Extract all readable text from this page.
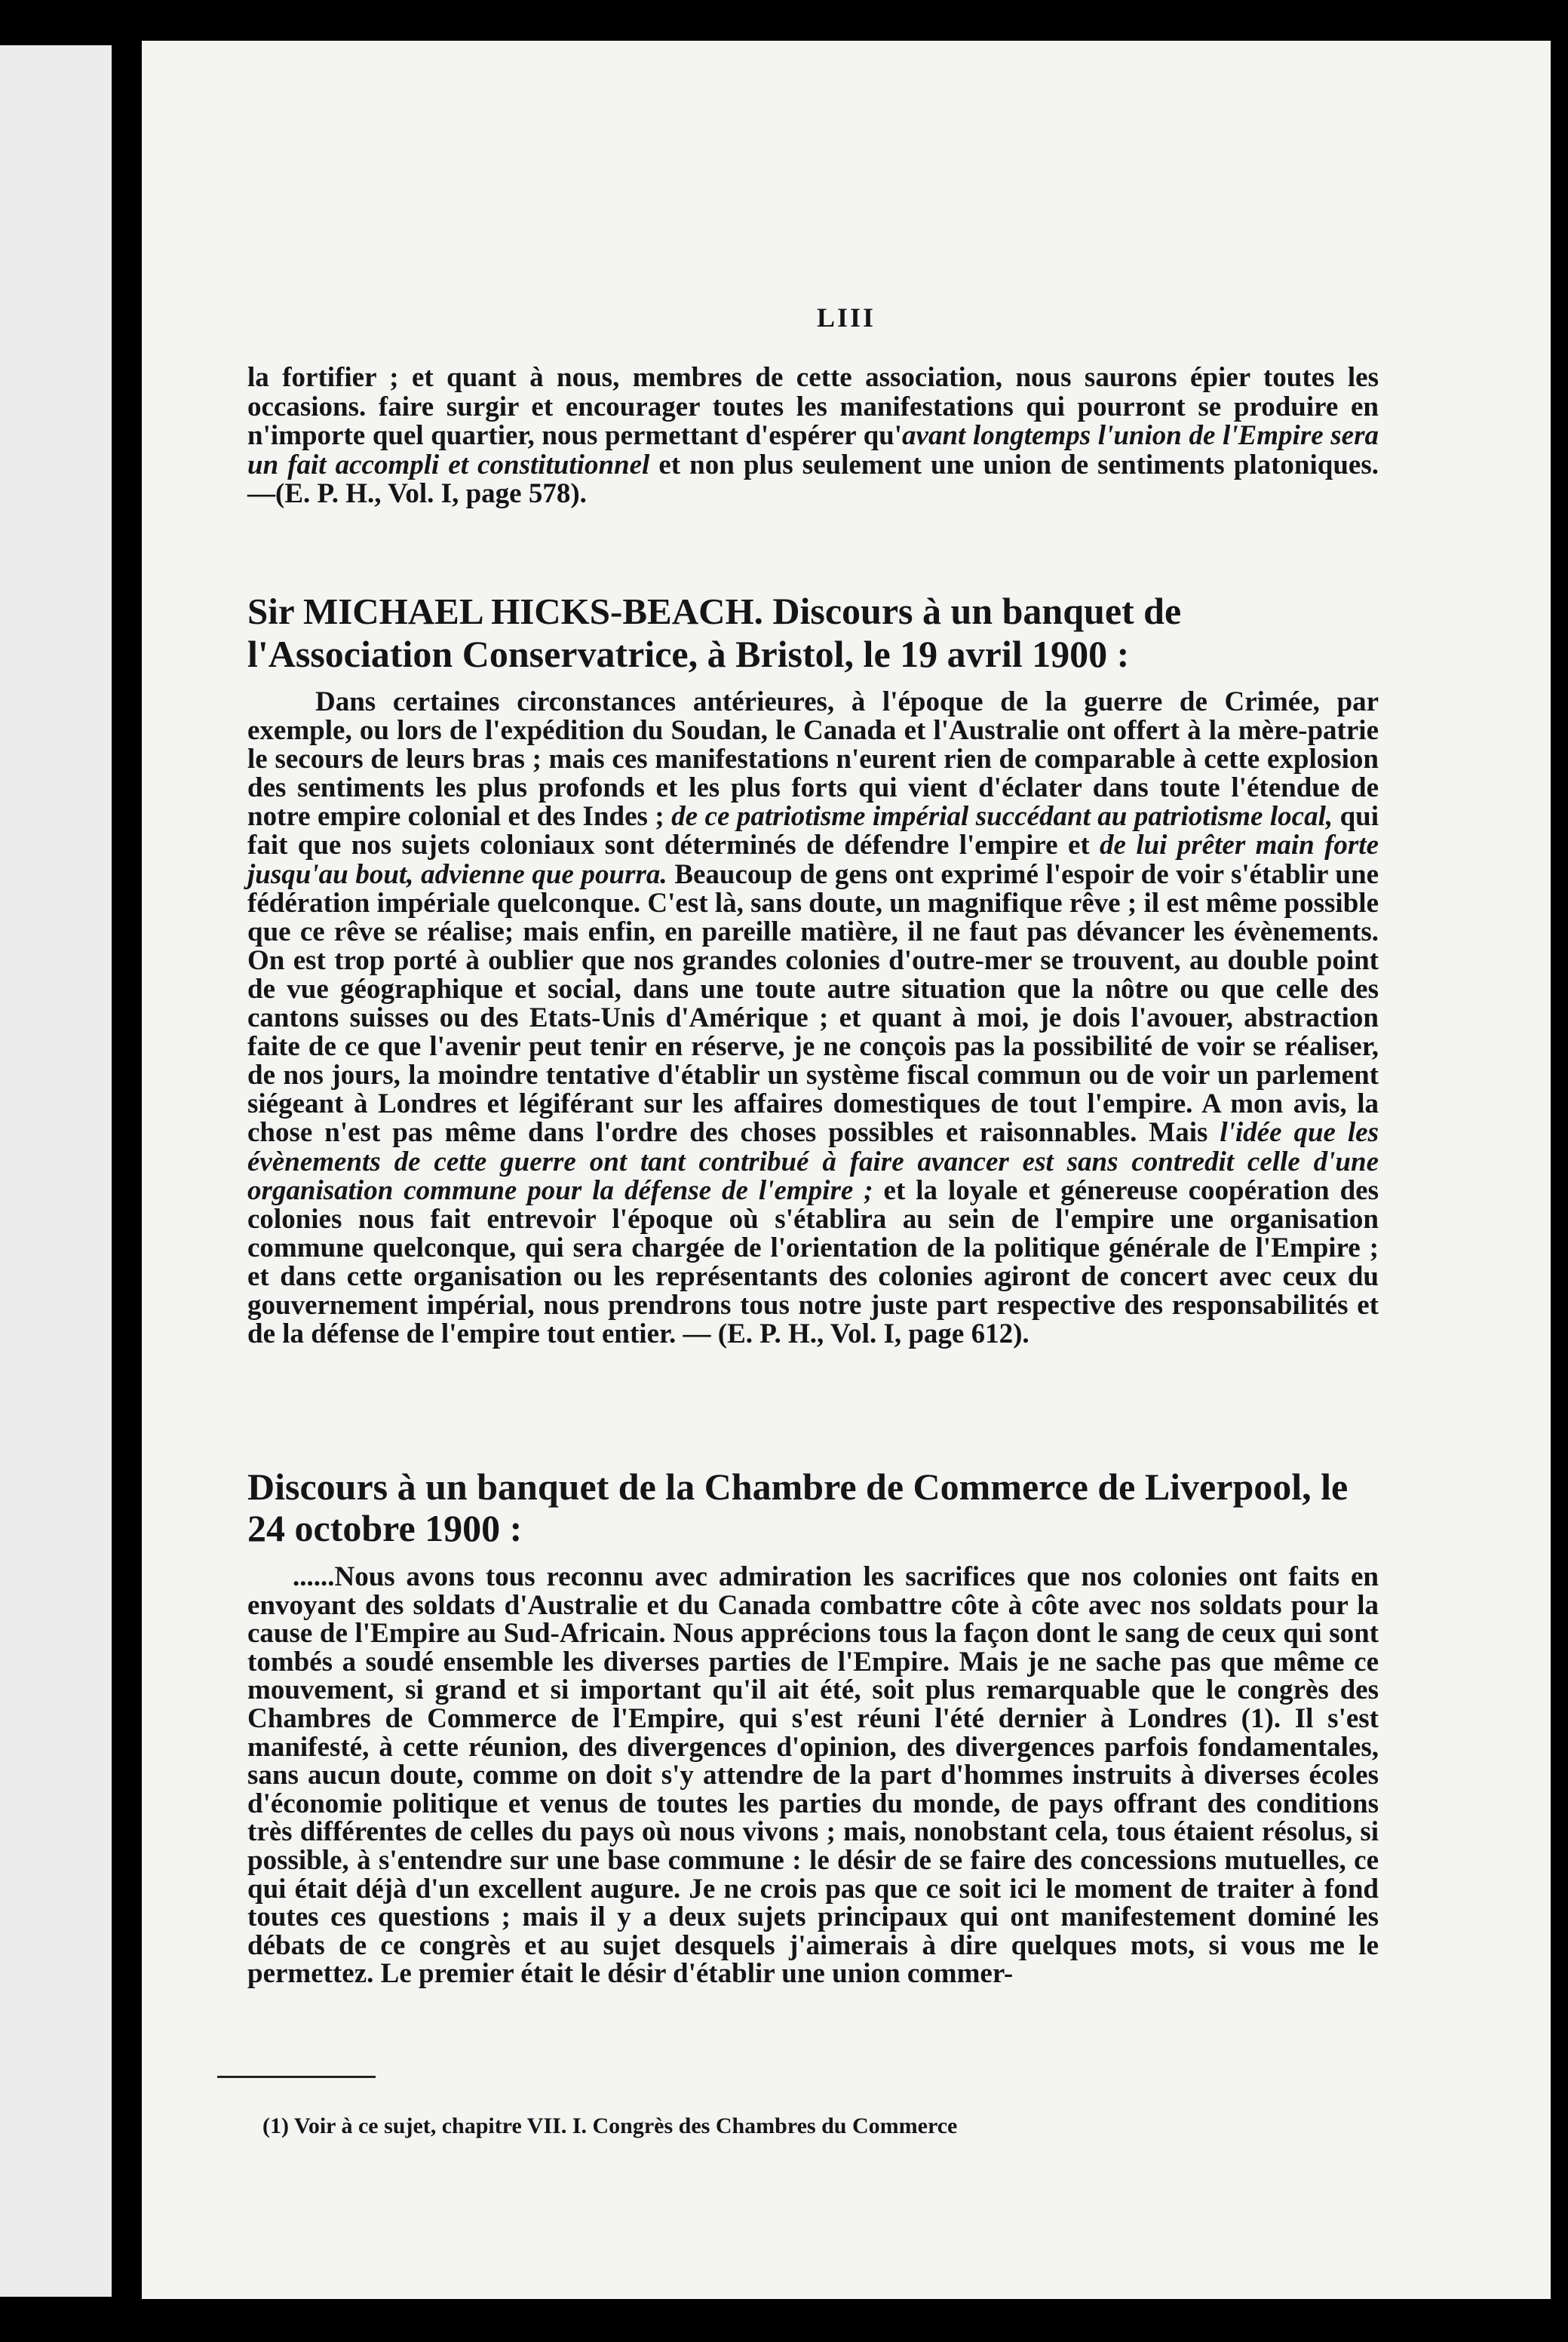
LIII

la fortifier ; et quant à nous, membres de cette association, nous saurons épier toutes les occasions. faire surgir et encourager toutes les manifestations qui pourront se produire en n'importe quel quartier, nous permettant d'espérer qu'avant longtemps l'union de l'Empire sera un fait accompli et constitutionnel et non plus seulement une union de sentiments platoniques.—(E. P. H., Vol. I, page 578).

Sir MICHAEL HICKS-BEACH. Discours à un banquet de l'Association Conservatrice, à Bristol, le 19 avril 1900 :

Dans certaines circonstances antérieures, à l'époque de la guerre de Crimée, par exemple, ou lors de l'expédition du Soudan, le Canada et l'Australie ont offert à la mère-patrie le secours de leurs bras ; mais ces manifestations n'eurent rien de comparable à cette explosion des sentiments les plus profonds et les plus forts qui vient d'éclater dans toute l'étendue de notre empire colonial et des Indes ; de ce patriotisme impérial succédant au patriotisme local, qui fait que nos sujets coloniaux sont déterminés de défendre l'empire et de lui prêter main forte jusqu'au bout, advienne que pourra. Beaucoup de gens ont exprimé l'espoir de voir s'établir une fédération impériale quelconque. C'est là, sans doute, un magnifique rêve ; il est même possible que ce rêve se réalise; mais enfin, en pareille matière, il ne faut pas dévancer les évènements. On est trop porté à oublier que nos grandes colonies d'outre-mer se trouvent, au double point de vue géographique et social, dans une toute autre situation que la nôtre ou que celle des cantons suisses ou des Etats-Unis d'Amérique ; et quant à moi, je dois l'avouer, abstraction faite de ce que l'avenir peut tenir en réserve, je ne conçois pas la possibilité de voir se réaliser, de nos jours, la moindre tentative d'établir un système fiscal commun ou de voir un parlement siégeant à Londres et légiférant sur les affaires domestiques de tout l'empire. A mon avis, la chose n'est pas même dans l'ordre des choses possibles et raisonnables. Mais l'idée que les évènements de cette guerre ont tant contribué à faire avancer est sans contredit celle d'une organisation commune pour la défense de l'empire ; et la loyale et génereuse coopération des colonies nous fait entrevoir l'époque où s'établira au sein de l'empire une organisation commune quelconque, qui sera chargée de l'orientation de la politique générale de l'Empire ; et dans cette organisation ou les représentants des colonies agiront de concert avec ceux du gouvernement impérial, nous prendrons tous notre juste part respective des responsabilités et de la défense de l'empire tout entier. — (E. P. H., Vol. I, page 612).

Discours à un banquet de la Chambre de Commerce de Liverpool, le 24 octobre 1900 :

......Nous avons tous reconnu avec admiration les sacrifices que nos colonies ont faits en envoyant des soldats d'Australie et du Canada combattre côte à côte avec nos soldats pour la cause de l'Empire au Sud-Africain. Nous apprécions tous la façon dont le sang de ceux qui sont tombés a soudé ensemble les diverses parties de l'Empire. Mais je ne sache pas que même ce mouvement, si grand et si important qu'il ait été, soit plus remarquable que le congrès des Chambres de Commerce de l'Empire, qui s'est réuni l'été dernier à Londres (1). Il s'est manifesté, à cette réunion, des divergences d'opinion, des divergences parfois fondamentales, sans aucun doute, comme on doit s'y attendre de la part d'hommes instruits à diverses écoles d'économie politique et venus de toutes les parties du monde, de pays offrant des conditions très différentes de celles du pays où nous vivons ; mais, nonobstant cela, tous étaient résolus, si possible, à s'entendre sur une base commune : le désir de se faire des concessions mutuelles, ce qui était déjà d'un excellent augure. Je ne crois pas que ce soit ici le moment de traiter à fond toutes ces questions ; mais il y a deux sujets principaux qui ont manifestement dominé les débats de ce congrès et au sujet desquels j'aimerais à dire quelques mots, si vous me le permettez. Le premier était le désir d'établir une union commer-

(1) Voir à ce sujet, chapitre VII. I. Congrès des Chambres du Commerce
